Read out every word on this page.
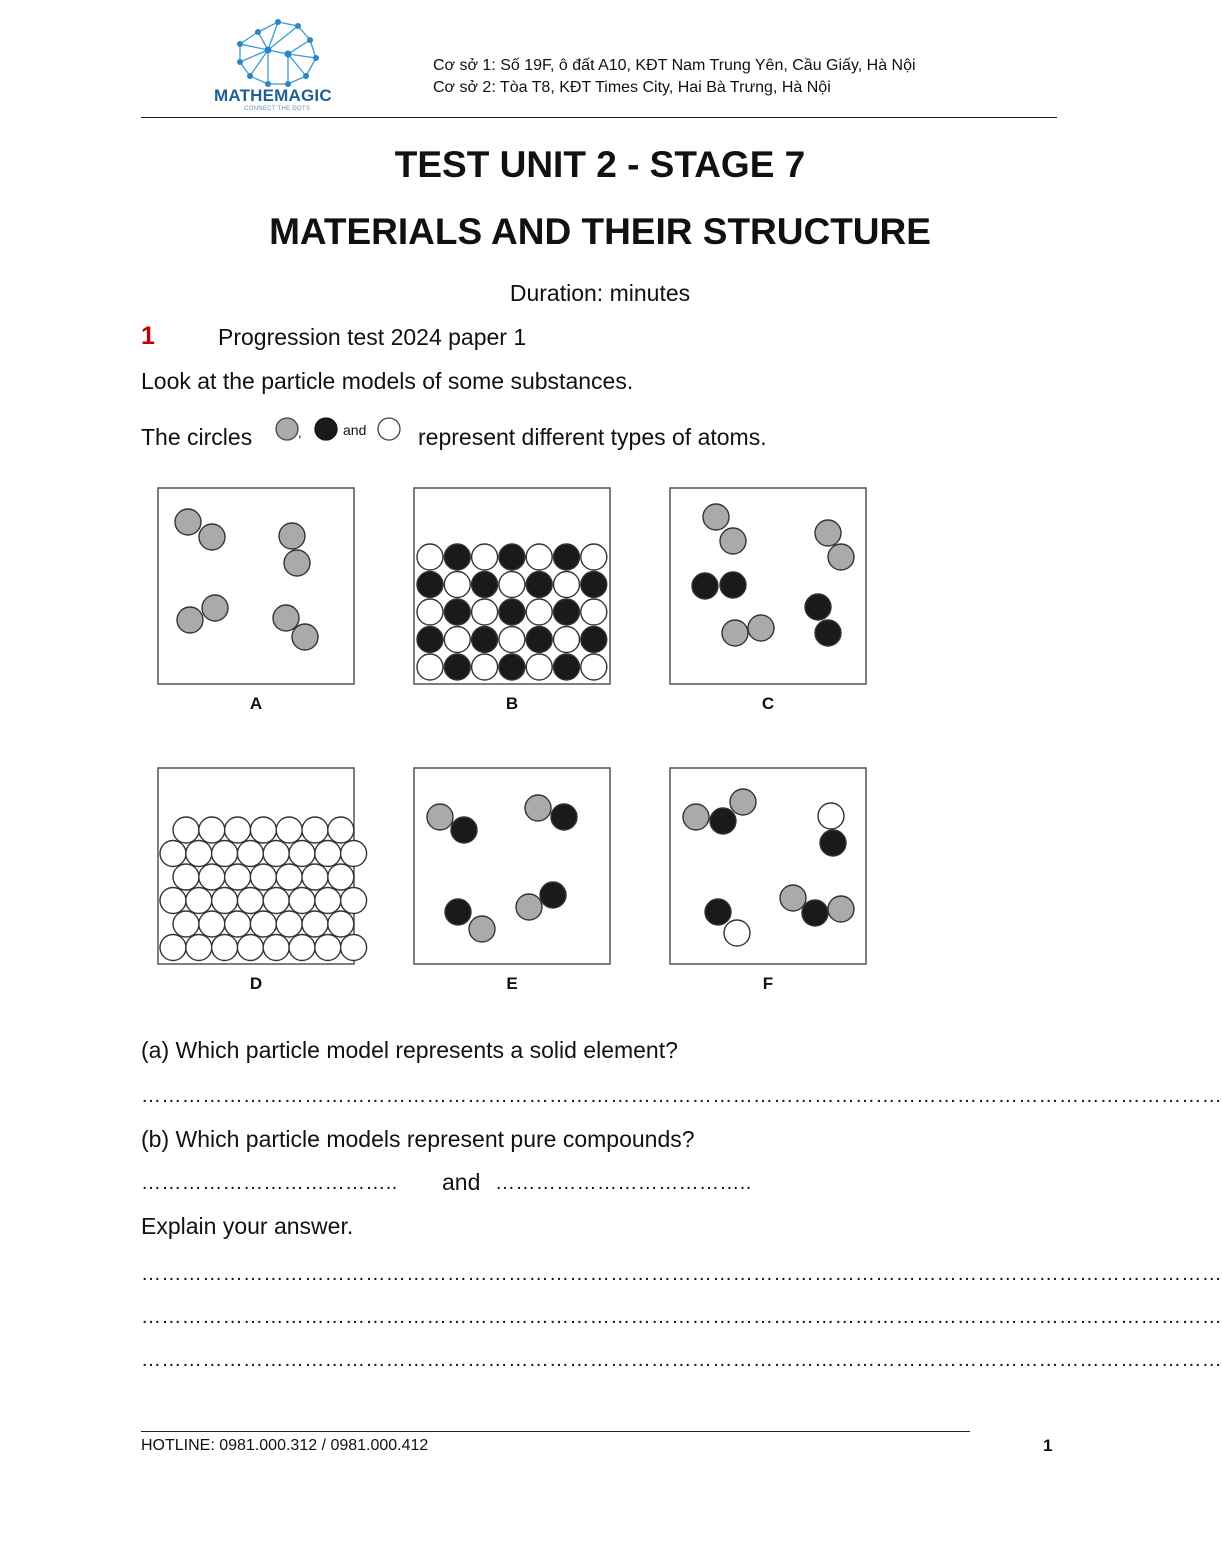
MATHEMAGIC
CONNECT THE DOTS
Cơ sở 1: Số 19F, ô đất A10, KĐT Nam Trung Yên, Cầu Giấy, Hà Nội
Cơ sở 2: Tòa T8, KĐT Times City, Hai Bà Trưng, Hà Nội
TEST UNIT 2 - STAGE 7
MATERIALS AND THEIR STRUCTURE
Duration: minutes
1	Progression test 2024 paper 1
Look at the particle models of some substances.
The circles	,	and represent different types of atoms.
A	B	C
D	E	F
(a) Which particle model represents a solid element?
……………………………………………………………………………………………………………………………………………
(b) Which particle models represent pure compounds?
……………………………….. and ………………………………..
Explain your answer.
……………………………………………………………………………………………………………………………………………
……………………………………………………………………………………………………………………………………………
……………………………………………………………………………………………………………………………………………
HOTLINE: 0981.000.312 / 0981.000.412	1
